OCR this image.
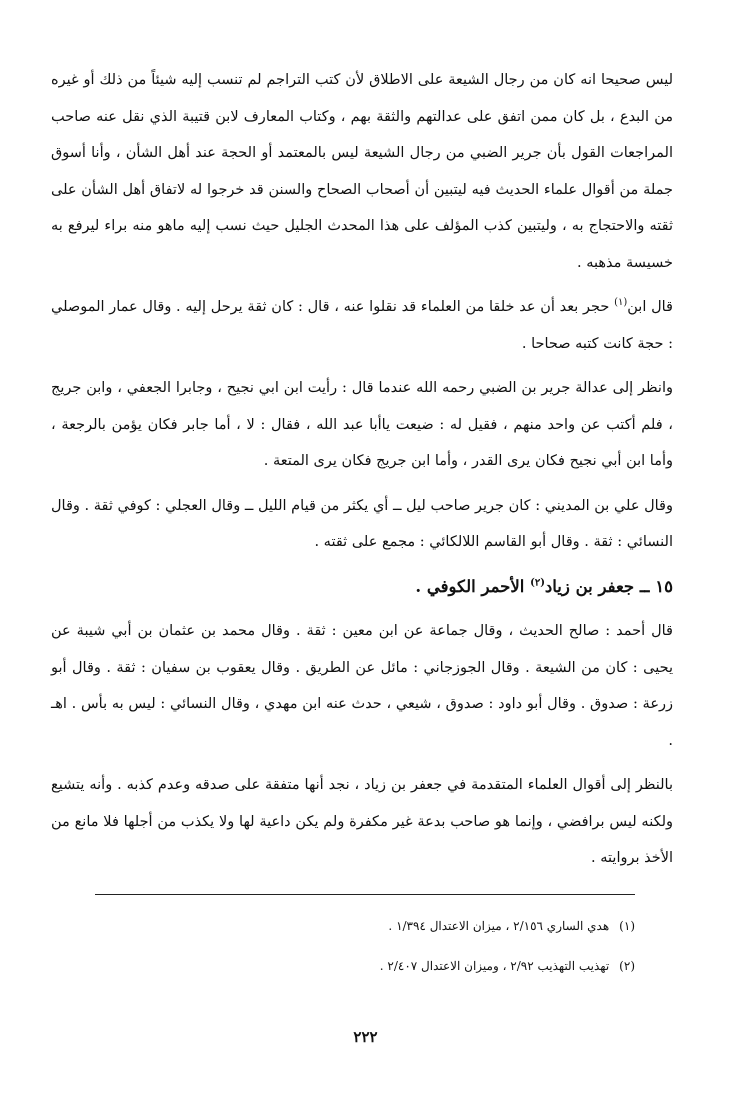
ليس صحيحا انه كان من رجال الشيعة على الاطلاق لأن كتب التراجم لم تنسب إليه شيئاً من ذلك أو غيره من البدع ، بل كان ممن اتفق على عدالتهم والثقة بهم ، وكتاب المعارف لابن قتيبة الذي نقل عنه صاحب المراجعات القول بأن جرير الضبي من رجال الشيعة ليس بالمعتمد أو الحجة عند أهل الشأن ، وأنا أسوق جملة من أقوال علماء الحديث فيه ليتبين أن أصحاب الصحاح والسنن قد خرجوا له لاتفاق أهل الشأن على ثقته والاحتجاج به ، وليتبين كذب المؤلف على هذا المحدث الجليل حيث نسب إليه ماهو منه براء ليرفع به خسيسة مذهبه .

قال ابن$^{(١)}$ حجر بعد أن عد خلقا من العلماء قد نقلوا عنه ، قال : كان ثقة يرحل إليه . وقال عمار الموصلي : حجة كانت كتبه صحاحا .

وانظر إلى عدالة جرير بن الضبي رحمه الله عندما قال : رأيت ابن ابي نجيح ، وجابرا الجعفي ، وابن جريج ، فلم أكتب عن واحد منهم ، فقيل له : ضيعت ياأبا عبد الله ، فقال : لا ، أما جابر فكان يؤمن بالرجعة ، وأما ابن أبي نجيح فكان يرى القدر ، وأما ابن جريج فكان يرى المتعة .

وقال علي بن المديني : كان جرير صاحب ليل ــ أي يكثر من قيام الليل ــ وقال العجلي : كوفي ثقة . وقال النسائي : ثقة . وقال أبو القاسم اللالكائي : مجمع على ثقته .

١٥ ــ جعفر بن زياد$^{(٢)}$ الأحمر الكوفي .

قال أحمد : صالح الحديث ، وقال جماعة عن ابن معين : ثقة . وقال محمد بن عثمان بن أبي شيبة عن يحيى : كان من الشيعة . وقال الجوزجاني : مائل عن الطريق . وقال يعقوب بن سفيان : ثقة . وقال أبو زرعة : صدوق . وقال أبو داود : صدوق ، شيعي ، حدث عنه ابن مهدي ، وقال النسائي : ليس به بأس . اهـ .

بالنظر إلى أقوال العلماء المتقدمة في جعفر بن زياد ، نجد أنها متفقة على صدقه وعدم كذبه . وأنه يتشيع ولكنه ليس برافضي ، وإنما هو صاحب بدعة غير مكفرة ولم يكن داعية لها ولا يكذب من أجلها فلا مانع من الأخذ بروايته .

(١) هدي الساري ٢/١٥٦ ، ميزان الاعتدال ١/٣٩٤ .
(٢) تهذيب التهذيب ٢/٩٢ ، وميزان الاعتدال ٢/٤٠٧ .
٢٢٢
